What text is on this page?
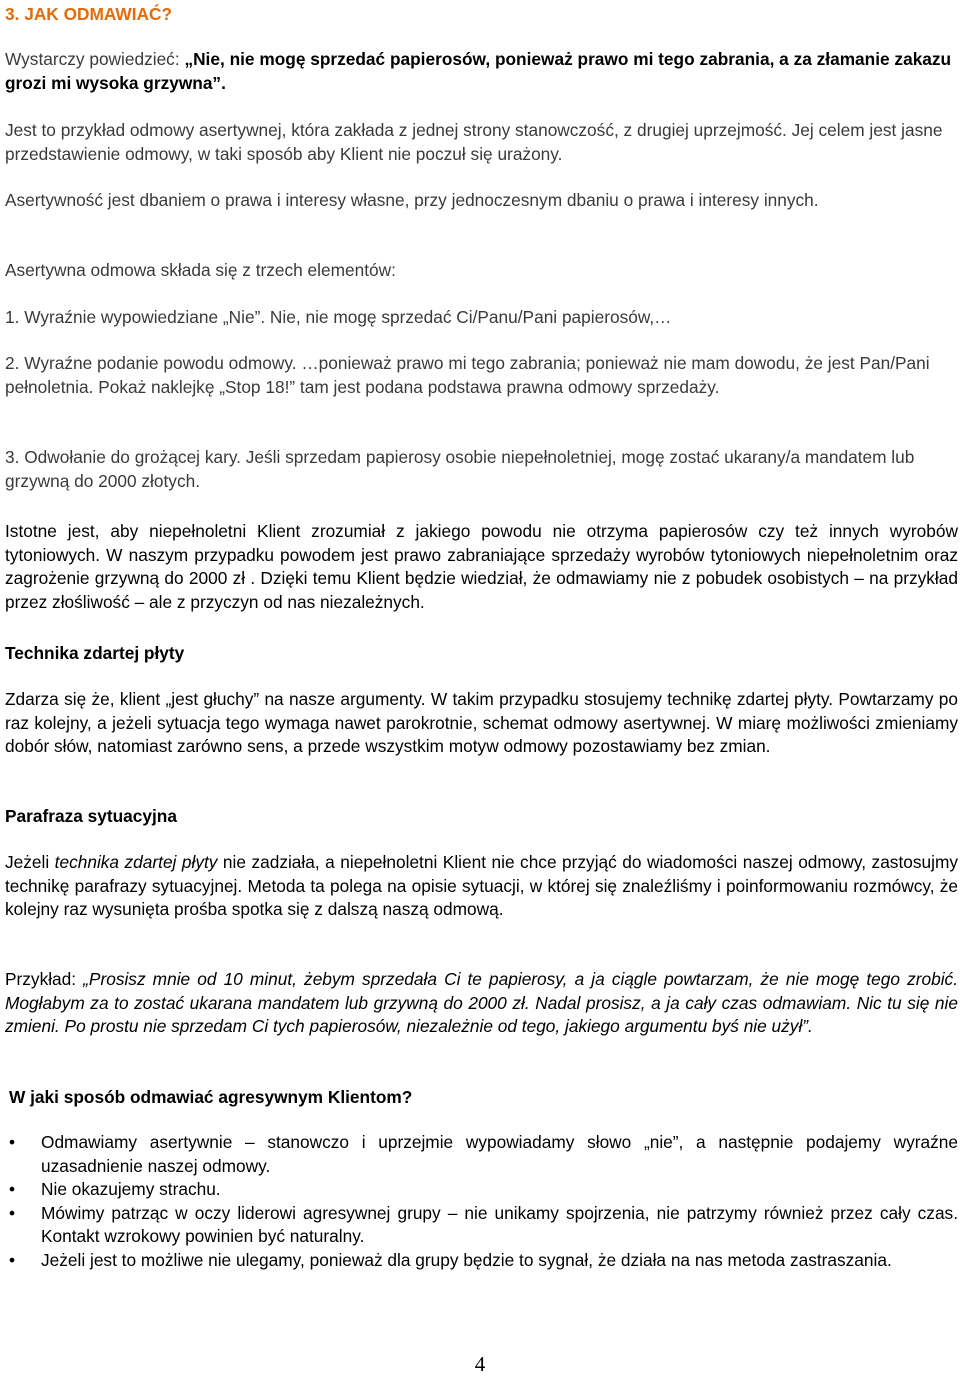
3. JAK ODMAWIAĆ?

Wystarczy powiedzieć: „Nie, nie mogę sprzedać papierosów, ponieważ prawo mi tego zabrania, a za złamanie zakazu grozi mi wysoka grzywna”.

Jest to przykład odmowy asertywnej, która zakłada z jednej strony stanowczość, z drugiej uprzejmość. Jej celem jest jasne przedstawienie odmowy, w taki sposób aby Klient nie poczuł się urażony.

Asertywność jest dbaniem o prawa i interesy własne, przy jednoczesnym dbaniu o prawa i interesy innych.

Asertywna odmowa składa się z trzech elementów:

1. Wyraźnie wypowiedziane „Nie”. Nie, nie mogę sprzedać Ci/Panu/Pani papierosów,…

2. Wyraźne podanie powodu odmowy. …ponieważ prawo mi tego zabrania; ponieważ nie mam dowodu, że jest Pan/Pani pełnoletnia. Pokaż naklejkę „Stop 18!” tam jest podana podstawa prawna odmowy sprzedaży.

3. Odwołanie do grożącej kary. Jeśli sprzedam papierosy osobie niepełnoletniej, mogę zostać ukarany/a mandatem lub grzywną do 2000 złotych.

Istotne jest, aby niepełnoletni Klient zrozumiał z jakiego powodu nie otrzyma papierosów czy też innych wyrobów tytoniowych. W naszym przypadku powodem jest prawo zabraniające sprzedaży wyrobów tytoniowych niepełnoletnim oraz zagrożenie grzywną do 2000 zł . Dzięki temu Klient będzie wiedział, że odmawiamy nie z pobudek osobistych – na przykład przez złośliwość – ale z przyczyn od nas niezależnych.

Technika zdartej płyty

Zdarza się że, klient „jest głuchy” na nasze argumenty. W takim przypadku stosujemy technikę zdartej płyty. Powtarzamy po raz kolejny, a jeżeli sytuacja tego wymaga nawet parokrotnie, schemat odmowy asertywnej. W miarę możliwości zmieniamy dobór słów, natomiast zarówno sens, a przede wszystkim motyw odmowy pozostawiamy bez zmian.

Parafraza sytuacyjna

Jeżeli technika zdartej płyty nie zadziała, a niepełnoletni Klient nie chce przyjąć do wiadomości naszej odmowy, zastosujmy technikę parafrazy sytuacyjnej. Metoda ta polega na opisie sytuacji, w której się znaleźliśmy i poinformowaniu rozmówcy, że kolejny raz wysunięta prośba spotka się z dalszą naszą odmową.

Przykład: „Prosisz mnie od 10 minut, żebym sprzedała Ci te papierosy, a ja ciągle powtarzam, że nie mogę tego zrobić. Mogłabym za to zostać ukarana mandatem lub grzywną do 2000 zł. Nadal prosisz, a ja cały czas odmawiam. Nic tu się nie zmieni. Po prostu nie sprzedam Ci tych papierosów, niezależnie od tego, jakiego argumentu byś nie użył”.

W jaki sposób odmawiać agresywnym Klientom?

• Odmawiamy asertywnie – stanowczo i uprzejmie wypowiadamy słowo „nie”, a następnie podajemy wyraźne uzasadnienie naszej odmowy.
• Nie okazujemy strachu.
• Mówimy patrząc w oczy liderowi agresywnej grupy – nie unikamy spojrzenia, nie patrzymy również przez cały czas. Kontakt wzrokowy powinien być naturalny.
• Jeżeli jest to możliwe nie ulegamy, ponieważ dla grupy będzie to sygnał, że działa na nas metoda zastraszania.
4
